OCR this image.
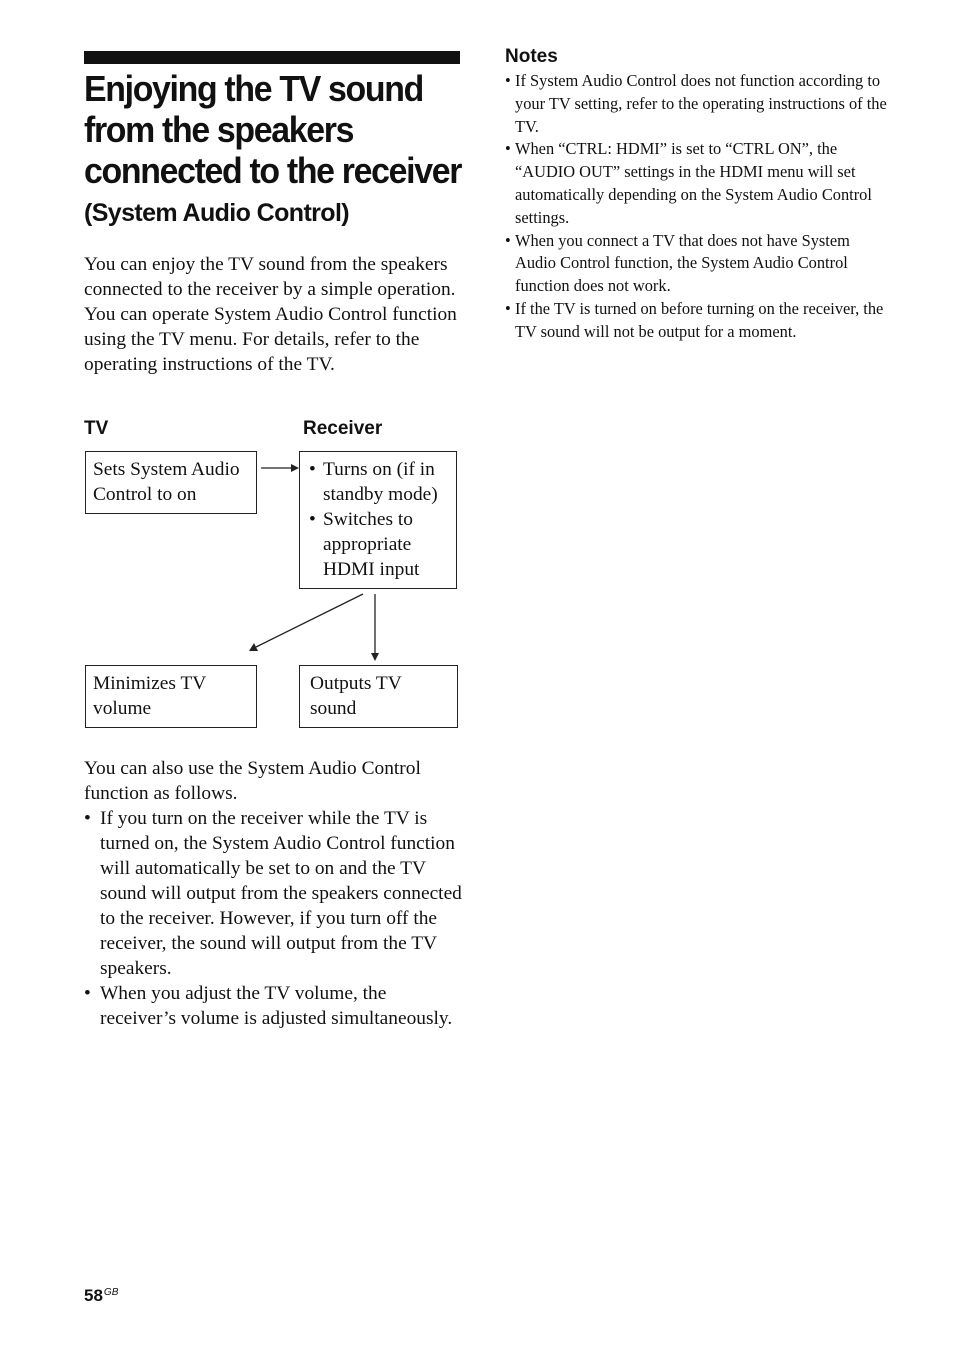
Enjoying the TV sound
from the speakers
connected to the receiver
(System Audio Control)

You can enjoy the TV sound from the speakers connected to the receiver by a simple operation.

You can operate System Audio Control function using the TV menu. For details, refer to the operating instructions of the TV.

TV	Receiver
Sets System Audio Control to on
• Turns on (if in standby mode)
• Switches to appropriate HDMI input
Minimizes TV volume
Outputs TV sound

You can also use the System Audio Control function as follows.

• If you turn on the receiver while the TV is turned on, the System Audio Control function will automatically be set to on and the TV sound will output from the speakers connected to the receiver. However, if you turn off the receiver, the sound will output from the TV speakers.
• When you adjust the TV volume, the receiver’s volume is adjusted simultaneously.
Notes
• If System Audio Control does not function according to your TV setting, refer to the operating instructions of the TV.
• When “CTRL: HDMI” is set to “CTRL ON”, the “AUDIO OUT” settings in the HDMI menu will set automatically depending on the System Audio Control settings.
• When you connect a TV that does not have System Audio Control function, the System Audio Control function does not work.
• If the TV is turned on before turning on the receiver, the TV sound will not be output for a moment.
$58^{GB}$
